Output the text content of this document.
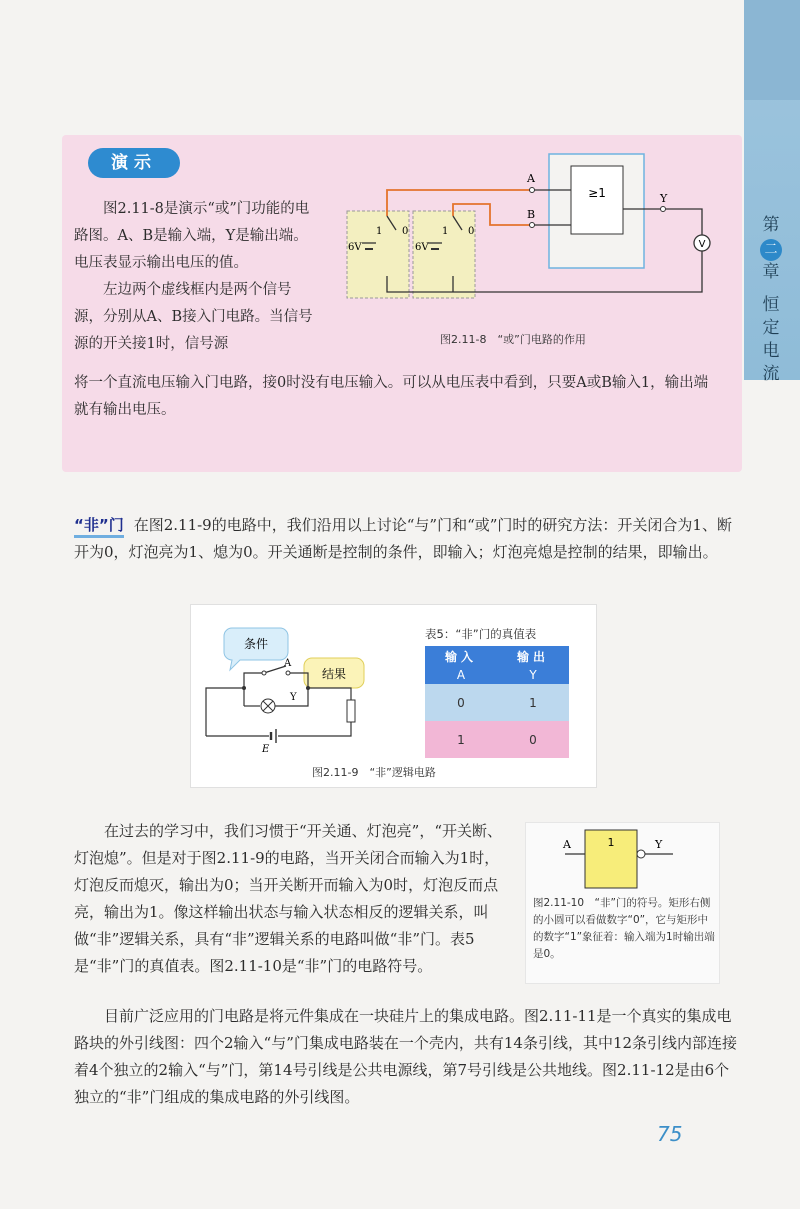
第
二
章
恒定电流
演示

图2.11-8是演示“或”门功能的电路图。A、B是输入端，Y是输出端。电压表显示输出电压的值。

左边两个虚线框内是两个信号源，分别从A、B接入门电路。当信号源的开关接1时，信号源

将一个直流电压输入门电路，接0时没有电压输入。可以从电压表中看到，只要A或B输入1，输出端就有输出电压。
≥1
A
B
Y
V
6V	6V
1 0	1 0
图2.11-8　“或”门电路的作用

“非”门 在图2.11-9的电路中，我们沿用以上讨论“与”门和“或”门时的研究方法：开关闭合为1、断开为0，灯泡亮为1、熄为0。开关通断是控制的条件，即输入；灯泡亮熄是控制的结果，即输出。

条件
结果
A
Y
E
图2.11-9　“非”逻辑电路
表5：“非”门的真值表
输入	输出
A	Y
0	1
1	0
在过去的学习中，我们习惯于“开关通、灯泡亮”，“开关断、灯泡熄”。但是对于图2.11-9的电路，当开关闭合而输入为1时，灯泡反而熄灭，输出为0；当开关断开而输入为0时，灯泡反而点亮，输出为1。像这样输出状态与输入状态相反的逻辑关系，叫做“非”逻辑关系，具有“非”逻辑关系的电路叫做“非”门。表5是“非”门的真值表。图2.11-10是“非”门的电路符号。
1
A	Y
图2.11-10　“非”门的符号。矩形右侧的小圆可以看做数字“0”，它与矩形中的数字“1”象征着：输入端为1时输出端是0。
目前广泛应用的门电路是将元件集成在一块硅片上的集成电路。图2.11-11是一个真实的集成电路块的外引线图：四个2输入“与”门集成电路装在一个壳内，共有14条引线，其中12条引线内部连接着4个独立的2输入“与”门，第14号引线是公共电源线，第7号引线是公共地线。图2.11-12是由6个独立的“非”门组成的集成电路的外引线图。
75
